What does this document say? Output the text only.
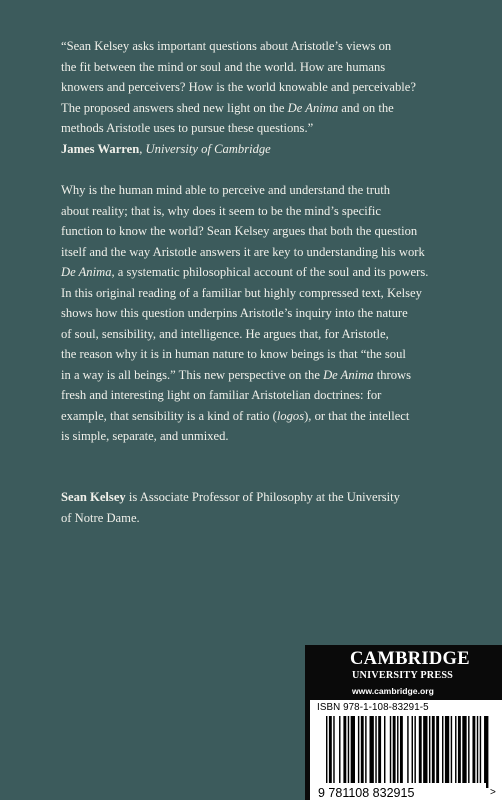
“Sean Kelsey asks important questions about Aristotle’s views on

the fit between the mind or soul and the world. How are humans

knowers and perceivers? How is the world knowable and perceivable?

The proposed answers shed new light on the De Anima and on the

methods Aristotle uses to pursue these questions.”

James Warren, University of Cambridge

Why is the human mind able to perceive and understand the truth

about reality; that is, why does it seem to be the mind’s specific

function to know the world? Sean Kelsey argues that both the question

itself and the way Aristotle answers it are key to understanding his work

De Anima, a systematic philosophical account of the soul and its powers.

In this original reading of a familiar but highly compressed text, Kelsey

shows how this question underpins Aristotle’s inquiry into the nature

of soul, sensibility, and intelligence. He argues that, for Aristotle,

the reason why it is in human nature to know beings is that “the soul

in a way is all beings.” This new perspective on the De Anima throws

fresh and interesting light on familiar Aristotelian doctrines: for

example, that sensibility is a kind of ratio (logos), or that the intellect

is simple, separate, and unmixed.

Sean Kelsey is Associate Professor of Philosophy at the University

of Notre Dame.

CAMBRIDGE
UNIVERSITY PRESS
www.cambridge.org
ISBN 978-1-108-83291-5
9 781108 832915	>
